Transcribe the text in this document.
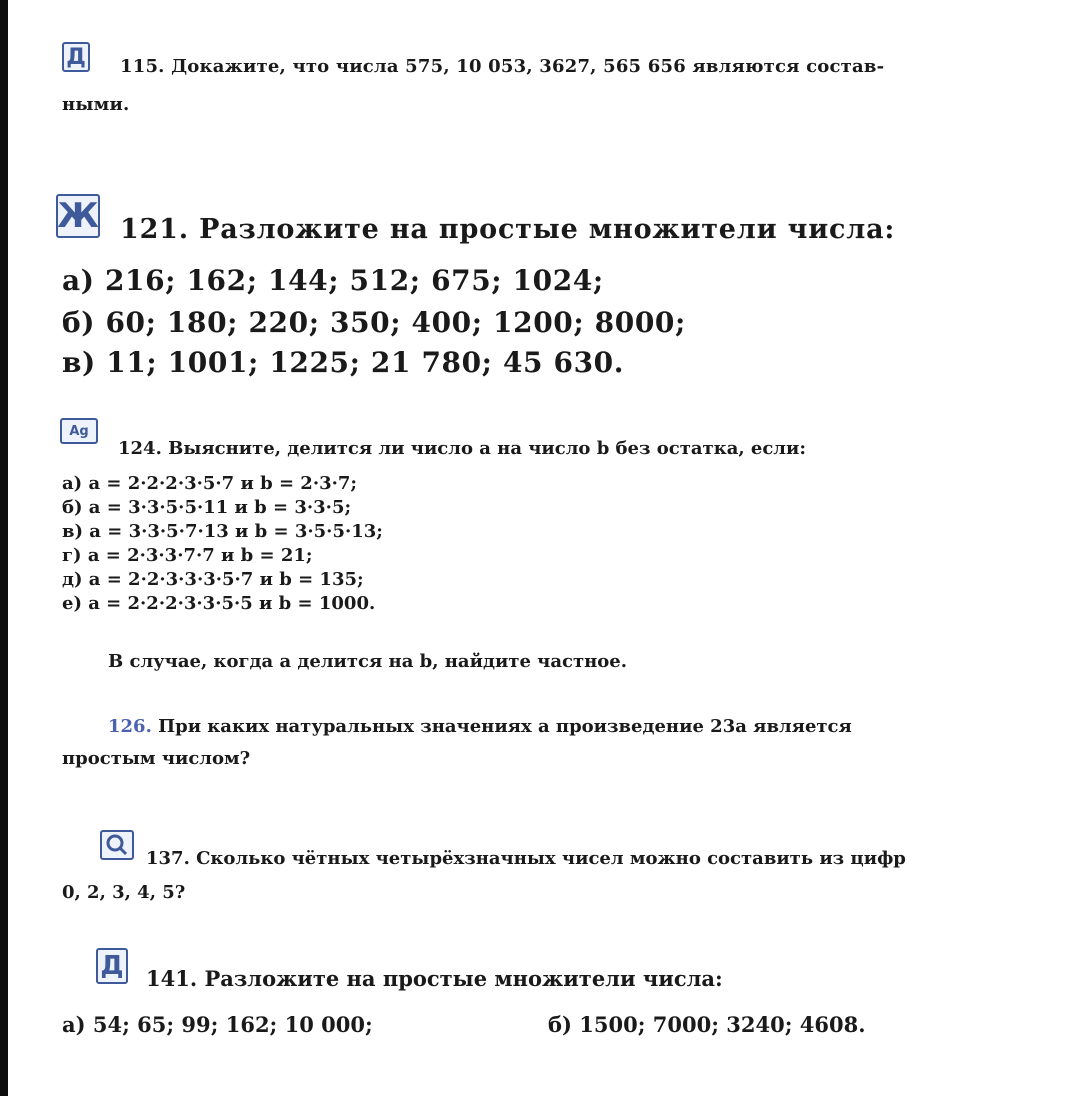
Д 115. Докажите, что числа 575, 10 053, 3627, 565 656 являются состав-
ными.
Ж 121. Разложите на простые множители числа:
а) 216; 162; 144; 512; 675; 1024;
б) 60; 180; 220; 350; 400; 1200; 8000;
в) 11; 1001; 1225; 21 780; 45 630.
Ag
124. Выясните, делится ли число a на число b без остатка, если:
а) a = 2·2·2·3·5·7 и b = 2·3·7;
б) a = 3·3·5·5·11 и b = 3·3·5;
в) a = 3·3·5·7·13 и b = 3·5·5·13;
г) a = 2·3·3·7·7 и b = 21;
д) a = 2·2·3·3·3·5·7 и b = 135;
е) a = 2·2·2·3·3·5·5 и b = 1000.
В случае, когда a делится на b, найдите частное.
126. При каких натуральных значениях a произведение 23a является
простым числом?
137. Сколько чётных четырёхзначных чисел можно составить из цифр
0, 2, 3, 4, 5?
Д 141. Разложите на простые множители числа:
а) 54; 65; 99; 162; 10 000;	б) 1500; 7000; 3240; 4608.
